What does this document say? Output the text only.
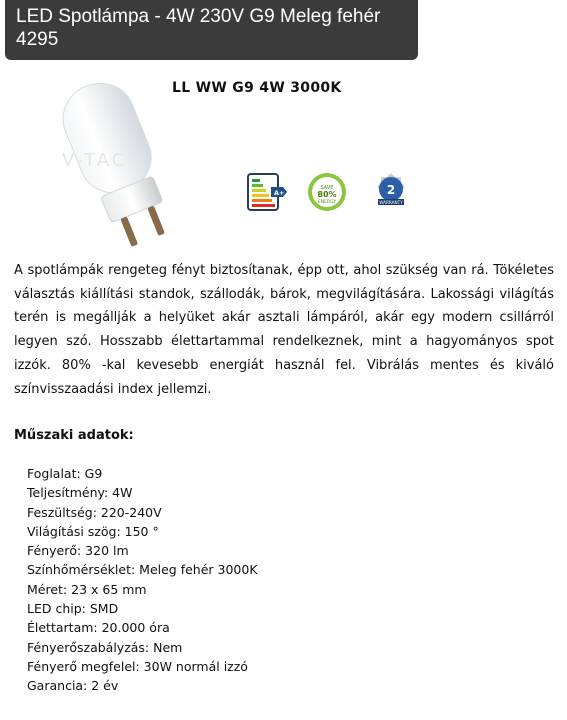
LED Spotlámpa - 4W 230V G9 Meleg fehér 4295
V-TAC
LL WW G9 4W 3000K
A+
SAVE
80%
ENERGY
2
WARRANTY

A spotlámpák rengeteg fényt biztosítanak, épp ott, ahol szükség van rá. Tökéletes választás kiállítási standok, szállodák, bárok, megvilágítására. Lakossági világítás terén is megállják a helyüket akár asztali lámpáról, akár egy modern csillárról legyen szó. Hosszabb élettartammal rendelkeznek, mint a hagyományos spot izzók. 80% -kal kevesebb energiát használ fel. Vibrálás mentes és kiváló színvisszaadási index jellemzi.

Műszaki adatok:
Foglalat: G9
Teljesítmény: 4W
Feszültség: 220-240V
Világítási szög: 150 °
Fényerő: 320 lm
Színhőmérséklet: Meleg fehér 3000K
Méret: 23 x 65 mm
LED chip: SMD
Élettartam: 20.000 óra
Fényerőszabályzás: Nem
Fényerő megfelel: 30W normál izzó
Garancia: 2 év
